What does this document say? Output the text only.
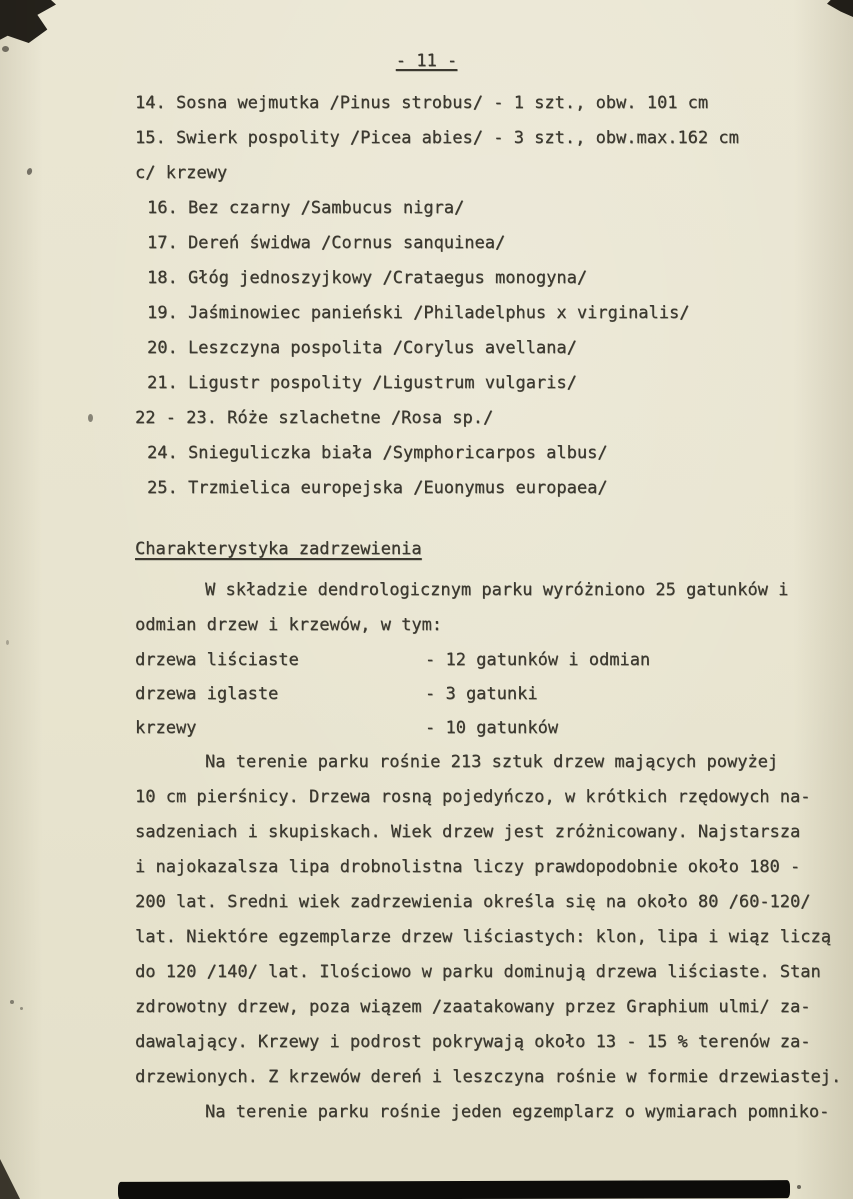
- 11 -

14. Sosna wejmutka /Pinus strobus/ - 1 szt., obw. 101 cm

15. Swierk pospolity /Picea abies/ - 3 szt., obw.max.162 cm

c/ krzewy

16. Bez czarny /Sambucus nigra/

17. Dereń świdwa /Cornus sanquinea/

18. Głóg jednoszyjkowy /Crataegus monogyna/

19. Jaśminowiec panieński /Philadelphus x virginalis/

20. Leszczyna pospolita /Corylus avellana/

21. Ligustr pospolity /Ligustrum vulgaris/

22 - 23. Róże szlachetne /Rosa sp./

24. Snieguliczka biała /Symphoricarpos albus/

25. Trzmielica europejska /Euonymus europaea/

Charakterystyka zadrzewienia

W składzie dendrologicznym parku wyróżniono 25 gatunków i

odmian drzew i krzewów, w tym:

drzewa liściaste	- 12 gatunków i odmian
drzewa iglaste	- 3 gatunki
krzewy	- 10 gatunków

Na terenie parku rośnie 213 sztuk drzew mających powyżej

10 cm pierśnicy. Drzewa rosną pojedyńczo, w krótkich rzędowych na-

sadzeniach i skupiskach. Wiek drzew jest zróżnicowany. Najstarsza

i najokazalsza lipa drobnolistna liczy prawdopodobnie około 180 -

200 lat. Sredni wiek zadrzewienia określa się na około 80 /60-120/

lat. Niektóre egzemplarze drzew liściastych: klon, lipa i wiąz liczą

do 120 /140/ lat. Ilościowo w parku dominują drzewa liściaste. Stan

zdrowotny drzew, poza wiązem /zaatakowany przez Graphium ulmi/ za-

dawalający. Krzewy i podrost pokrywają około 13 - 15 % terenów za-

drzewionych. Z krzewów dereń i leszczyna rośnie w formie drzewiastej.

Na terenie parku rośnie jeden egzemplarz o wymiarach pomniko-
